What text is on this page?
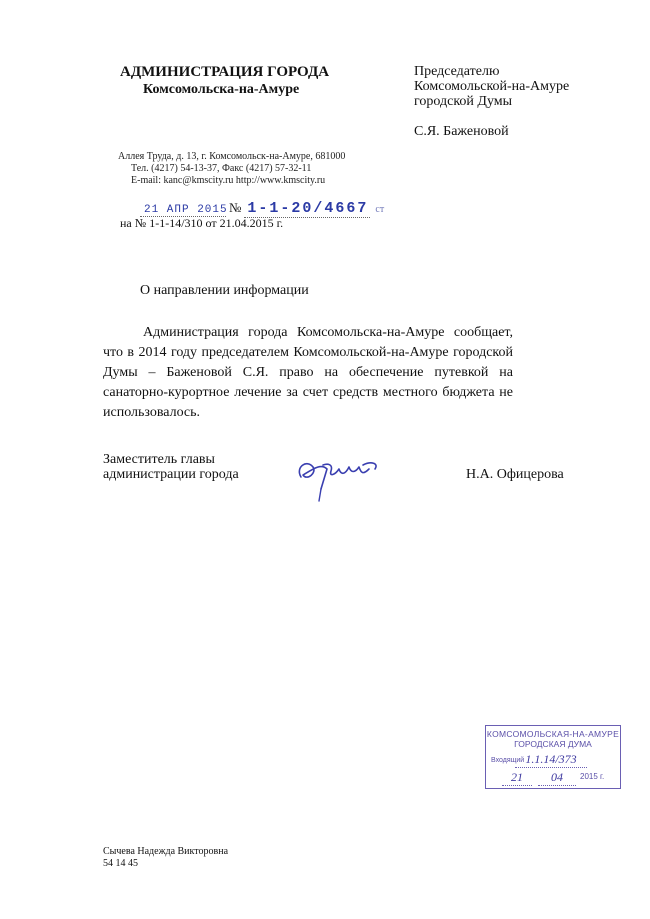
АДМИНИСТРАЦИЯ ГОРОДА
Комсомольска-на-Амуре
Аллея Труда, д. 13, г. Комсомольск-на-Амуре, 681000
Тел. (4217) 54-13-37, Факс (4217) 57-32-11
E-mail: kanc@kmscity.ru http://www.kmscity.ru
21 АПР 2015№ 1-1-20/4667 ст
на № 1-1-14/310 от 21.04.2015 г.
Председателю
Комсомольской-на-Амуре
городской Думы
С.Я. Баженовой
О направлении информации

Администрация города Комсомольска-на-Амуре сообщает, что в 2014 году председателем Комсомольской-на-Амуре городской Думы – Баженовой С.Я. право на обеспечение путевкой на санаторно-курортное лечение за счет средств местного бюджета не использовалось.

Заместитель главы
администрации города	Н.А. Офицерова
КОМСОМОЛЬСКАЯ-НА-АМУРЕ
ГОРОДСКАЯ ДУМА
Входящий 1.1.14/373
21	04	2015 г.
Сычева Надежда Викторовна
54 14 45
